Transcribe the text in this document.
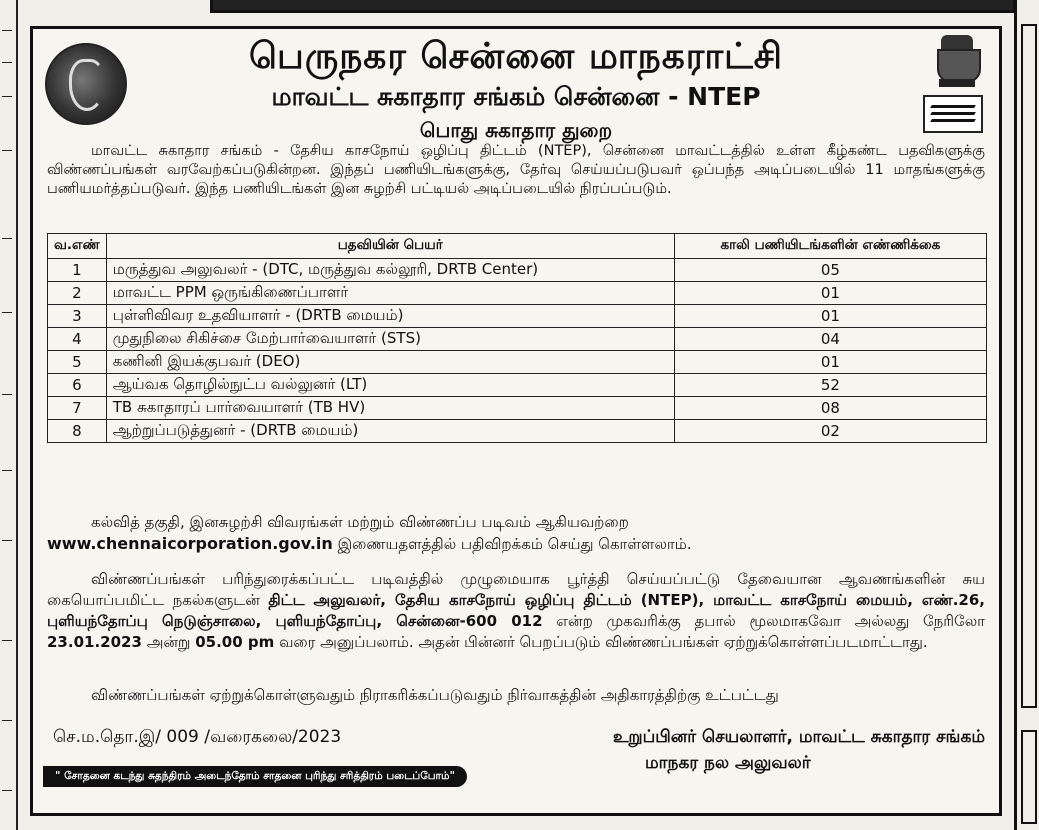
பெருநகர சென்னை மாநகராட்சி
மாவட்ட சுகாதார சங்கம் சென்னை - NTEP
பொது சுகாதார துறை
மாவட்ட சுகாதார சங்கம் - தேசிய காசநோய் ஒழிப்பு திட்டம் (NTEP), சென்னை மாவட்டத்தில் உள்ள கீழ்கண்ட பதவிகளுக்கு விண்ணப்பங்கள் வரவேற்கப்படுகின்றன. இந்தப் பணியிடங்களுக்கு, தேர்வு செய்யப்படுபவர் ஒப்பந்த அடிப்படையில் 11 மாதங்களுக்கு பணியமர்த்தப்படுவர். இந்த பணியிடங்கள் இன சுழற்சி பட்டியல் அடிப்படையில் நிரப்பப்படும்.
வ.எண்	பதவியின் பெயர்	காலி பணியிடங்களின் எண்ணிக்கை
1	மருத்துவ அலுவலர் - (DTC, மருத்துவ கல்லூரி, DRTB Center)	05
2	மாவட்ட PPM ஒருங்கிணைப்பாளர்	01
3	புள்ளிவிவர உதவியாளர் - (DRTB மையம்)	01
4	முதுநிலை சிகிச்சை மேற்பார்வையாளர் (STS)	04
5	கணினி இயக்குபவர் (DEO)	01
6	ஆய்வக தொழில்நுட்ப வல்லுனர் (LT)	52
7	TB சுகாதாரப் பார்வையாளர் (TB HV)	08
8	ஆற்றுப்படுத்துனர் - (DRTB மையம்)	02
கல்வித் தகுதி, இனசுழற்சி விவரங்கள் மற்றும் விண்ணப்ப படிவம் ஆகியவற்றை
www.chennaicorporation.gov.in இணையதளத்தில் பதிவிறக்கம் செய்து கொள்ளலாம்.
விண்ணப்பங்கள் பரிந்துரைக்கப்பட்ட படிவத்தில் முழுமையாக பூர்த்தி செய்யப்பட்டு தேவையான ஆவணங்களின் சுய கையொப்பமிட்ட நகல்களுடன் திட்ட அலுவலர், தேசிய காசநோய் ஒழிப்பு திட்டம் (NTEP), மாவட்ட காசநோய் மையம், எண்.26, புளியந்தோப்பு நெடுஞ்சாலை, புளியந்தோப்பு, சென்னை-600 012 என்ற முகவரிக்கு தபால் மூலமாகவோ அல்லது நேரிலோ 23.01.2023 அன்று 05.00 pm வரை அனுப்பலாம். அதன் பின்னர் பெறப்படும் விண்ணப்பங்கள் ஏற்றுக்கொள்ளப்படமாட்டாது.
விண்ணப்பங்கள் ஏற்றுக்கொள்ளுவதும் நிராகரிக்கப்படுவதும் நிர்வாகத்தின் அதிகாரத்திற்கு உட்பட்டது
செ.ம.தொ.இ/ 009 /வரைகலை/2023	உறுப்பினர் செயலாளர், மாவட்ட சுகாதார சங்கம்
மாநகர நல அலுவலர்
" சோதனை கடந்து சுதந்திரம் அடைந்தோம் சாதனை புரிந்து சரித்திரம் படைப்போம்"
